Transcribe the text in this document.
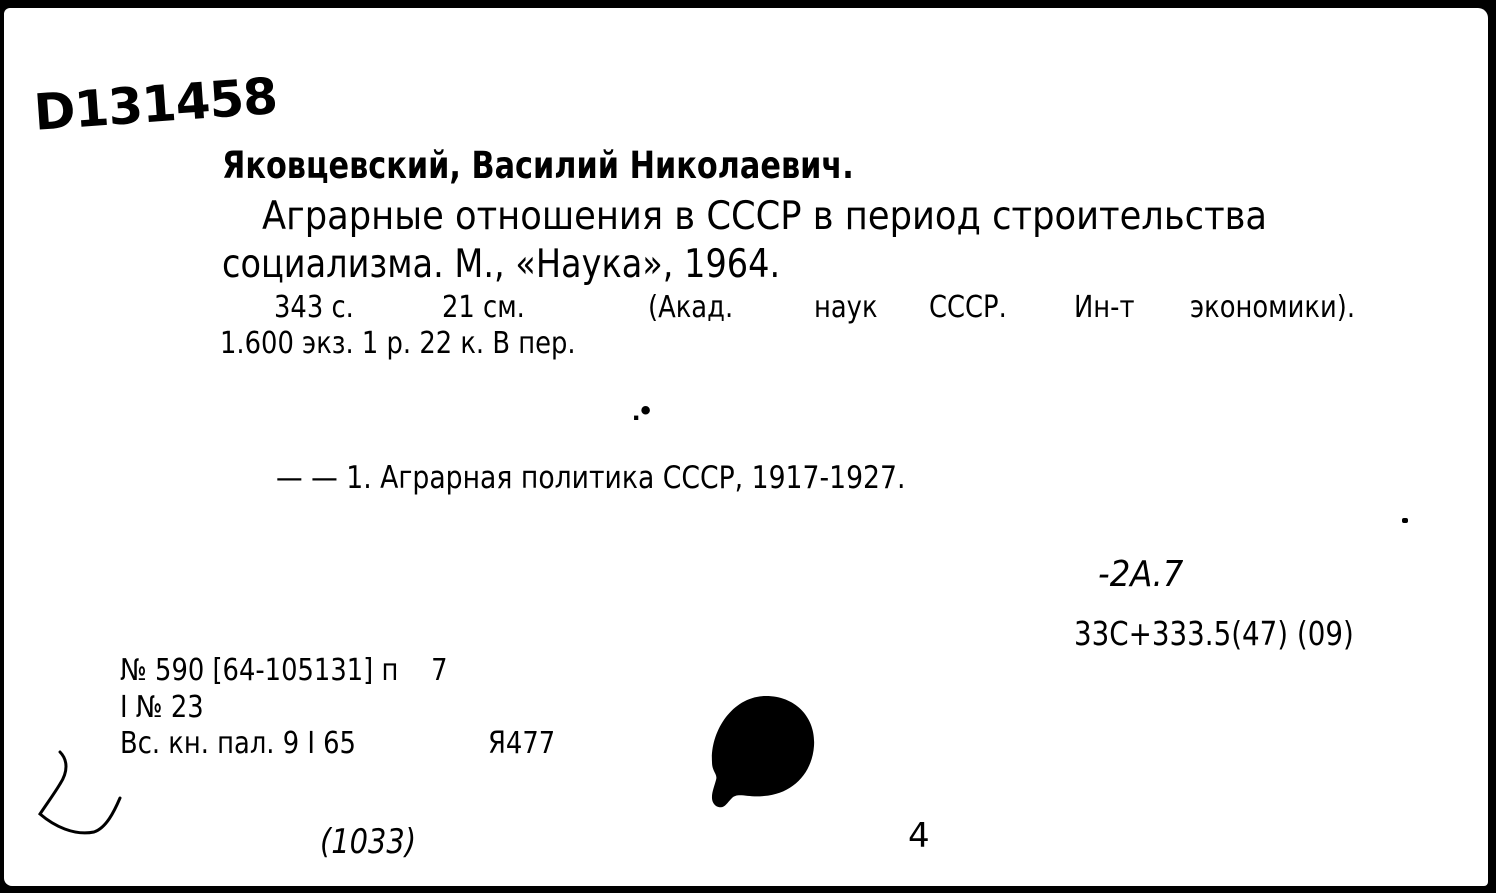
D131458
Яковцевский, Василий Николаевич.
Аграрные отношения в СССР в период строительства
социализма. М., «Наука», 1964.
343 с.	21 см.	(Акад.	наук СССР. Ин-т экономики).
1.600 экз. 1 р. 22 к. В пер.
.•
— — 1. Аграрная политика СССР, 1917-1927.
-2А.7
33С+333.5(47) (09)
№ 590 [64-105131] п    7
I № 23
Вс. кн. пал. 9 I 65	Я477
(1033)	4
